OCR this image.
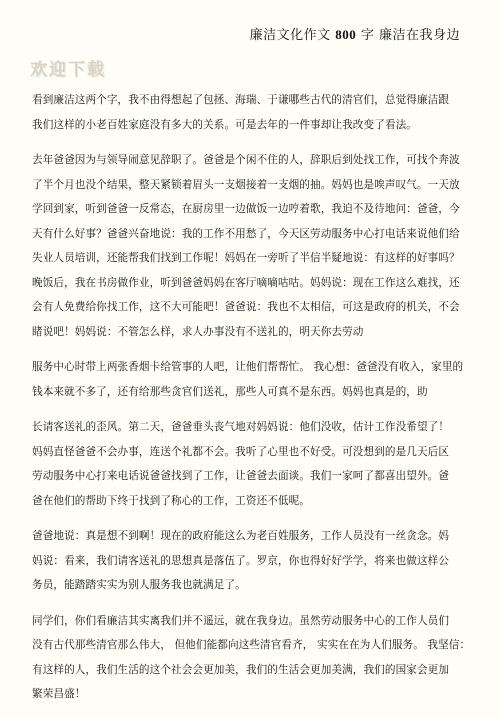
廉洁文化作文 800 字 廉洁在我身边
欢迎下载
看到廉洁这两个字，我不由得想起了包拯、海瑞、于谦哪些古代的清官们，总觉得廉洁跟
我们这样的小老百姓家庭没有多大的关系。可是去年的一件事却让我改变了看法。
去年爸爸因为与领导闹意见辞职了。爸爸是个闲不住的人，辞职后到处找工作，可找个奔波
了半个月也没个结果，整天紧锁着眉头一支烟接着一支烟的抽。妈妈也是唉声叹气。一天放
学回到家，听到爸爸一反常态，在厨房里一边做饭一边哼着歌，我迫不及待地问：爸爸，今
天有什么好事？爸爸兴奋地说：我的工作不用愁了，今天区劳动服务中心打电话来说他们给
失业人员培训，还能帮我们找到工作呢！妈妈在一旁听了半信半疑地说：有这样的好事吗？
晚饭后，我在书房做作业，听到爸爸妈妈在客厅嘀嘀咕咕。妈妈说：现在工作这么难找，还
会有人免费给你找工作，这不大可能吧！爸爸说：我也不太相信，可这是政府的机关，不会
睹说吧！妈妈说：不管怎么样，求人办事没有不送礼的，明天你去劳动
服务中心时带上两张香烟卡给管事的人吧，让他们帮帮忙。 我心想：爸爸没有收入，家里的
钱本来就不多了，还有给那些贪官们送礼，那些人可真不是东西。妈妈也真是的，助
长请客送礼的歪风。第二天，爸爸垂头丧气地对妈妈说：他们没收，估计工作没希望了！
妈妈直怪爸爸不会办事，连送个礼都不会。我听了心里也不好受。可没想到的是几天后区
劳动服务中心打来电话说爸爸找到了工作，让爸爸去面谈。我们一家呵了都喜出望外。爸
爸在他们的帮助下终于找到了称心的工作，工资还不低呢。
爸爸地说：真是想不到啊！现在的政府能这么为老百姓服务，工作人员没有一丝贪念。妈
妈说：看来，我们请客送礼的思想真是落伍了。罗京，你也得好好学学，将来也做这样公
务员，能踏踏实实为别人服务我也就满足了。
同学们，你们看廉洁其实离我们并不遥远，就在我身边。虽然劳动服务中心的工作人员们
没有古代那些清官那么伟大， 但他们能都向这些清官看齐， 实实在在为人们服务。 我坚信：
有这样的人，我们生活的这个社会会更加美，我们的生活会更加美满，我们的国家会更加
繁荣昌盛！
